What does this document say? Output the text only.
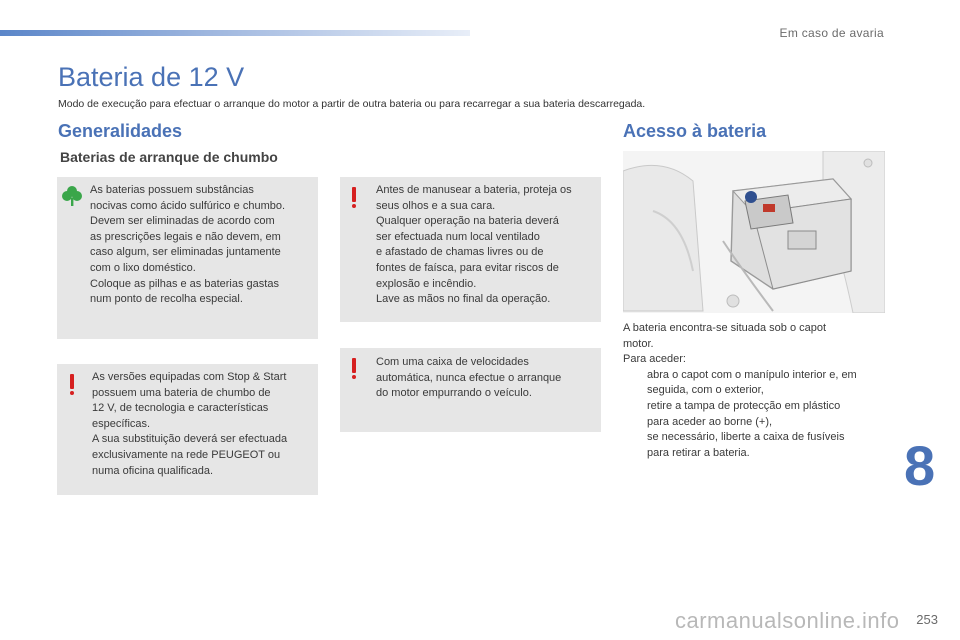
Em caso de avaria
Bateria de 12 V
Modo de execução para efectuar o arranque do motor a partir de outra bateria ou para recarregar a sua bateria descarregada.
Generalidades
Baterias de arranque de chumbo
As baterias possuem substâncias
nocivas como ácido sulfúrico e chumbo.
Devem ser eliminadas de acordo com
as prescrições legais e não devem, em
caso algum, ser eliminadas juntamente
com o lixo doméstico.
Coloque as pilhas e as baterias gastas
num ponto de recolha especial.
Antes de manusear a bateria, proteja os
seus olhos e a sua cara.
Qualquer operação na bateria deverá
ser efectuada num local ventilado
e afastado de chamas livres ou de
fontes de faísca, para evitar riscos de
explosão e incêndio.
Lave as mãos no final da operação.
As versões equipadas com Stop & Start
possuem uma bateria de chumbo de
12 V, de tecnologia e características
específicas.
A sua substituição deverá ser efectuada
exclusivamente na rede PEUGEOT ou
numa oficina qualificada.
Com uma caixa de velocidades
automática, nunca efectue o arranque
do motor empurrando o veículo.
Acesso à bateria
A bateria encontra-se situada sob o capot
motor.
Para aceder:
abra o capot com o manípulo interior e, em
seguida, com o exterior,
retire a tampa de protecção em plástico
para aceder ao borne (+),
se necessário, liberte a caixa de fusíveis
para retirar a bateria.	8
carmanualsonline.info 253
